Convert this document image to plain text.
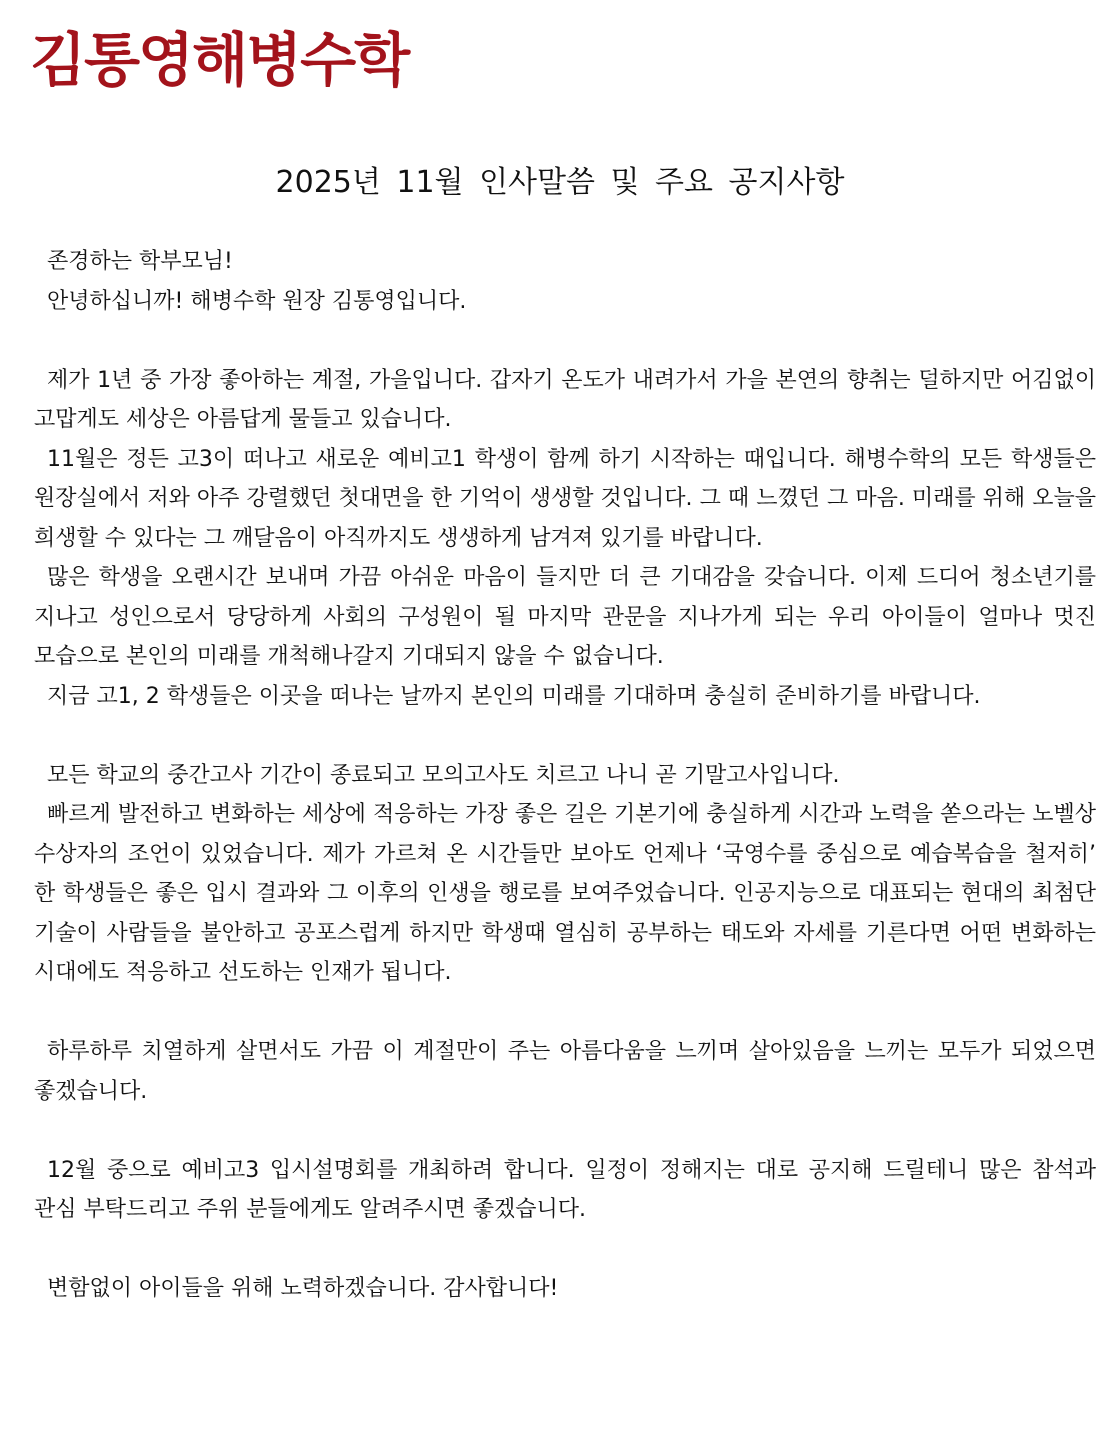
김통영해병수학
2025년 11월 인사말씀 및 주요 공지사항

존경하는 학부모님!

안녕하십니까! 해병수학 원장 김통영입니다.

제가 1년 중 가장 좋아하는 계절, 가을입니다. 갑자기 온도가 내려가서 가을 본연의 향취는 덜하지만 어김없이 고맙게도 세상은 아름답게 물들고 있습니다.

11월은 정든 고3이 떠나고 새로운 예비고1 학생이 함께 하기 시작하는 때입니다. 해병수학의 모든 학생들은 원장실에서 저와 아주 강렬했던 첫대면을 한 기억이 생생할 것입니다. 그 때 느꼈던 그 마음. 미래를 위해 오늘을 희생할 수 있다는 그 깨달음이 아직까지도 생생하게 남겨져 있기를 바랍니다.

많은 학생을 오랜시간 보내며 가끔 아쉬운 마음이 들지만 더 큰 기대감을 갖습니다. 이제 드디어 청소년기를 지나고 성인으로서 당당하게 사회의 구성원이 될 마지막 관문을 지나가게 되는 우리 아이들이 얼마나 멋진 모습으로 본인의 미래를 개척해나갈지 기대되지 않을 수 없습니다.

지금 고1, 2 학생들은 이곳을 떠나는 날까지 본인의 미래를 기대하며 충실히 준비하기를 바랍니다.

모든 학교의 중간고사 기간이 종료되고 모의고사도 치르고 나니 곧 기말고사입니다.

빠르게 발전하고 변화하는 세상에 적응하는 가장 좋은 길은 기본기에 충실하게 시간과 노력을 쏟으라는 노벨상 수상자의 조언이 있었습니다. 제가 가르쳐 온 시간들만 보아도 언제나 ‘국영수를 중심으로 예습복습을 철저히’ 한 학생들은 좋은 입시 결과와 그 이후의 인생을 행로를 보여주었습니다. 인공지능으로 대표되는 현대의 최첨단 기술이 사람들을 불안하고 공포스럽게 하지만 학생때 열심히 공부하는 태도와 자세를 기른다면 어떤 변화하는 시대에도 적응하고 선도하는 인재가 됩니다.

하루하루 치열하게 살면서도 가끔 이 계절만이 주는 아름다움을 느끼며 살아있음을 느끼는 모두가 되었으면 좋겠습니다.

12월 중으로 예비고3 입시설명회를 개최하려 합니다. 일정이 정해지는 대로 공지해 드릴테니 많은 참석과 관심 부탁드리고 주위 분들에게도 알려주시면 좋겠습니다.

변함없이 아이들을 위해 노력하겠습니다. 감사합니다!
